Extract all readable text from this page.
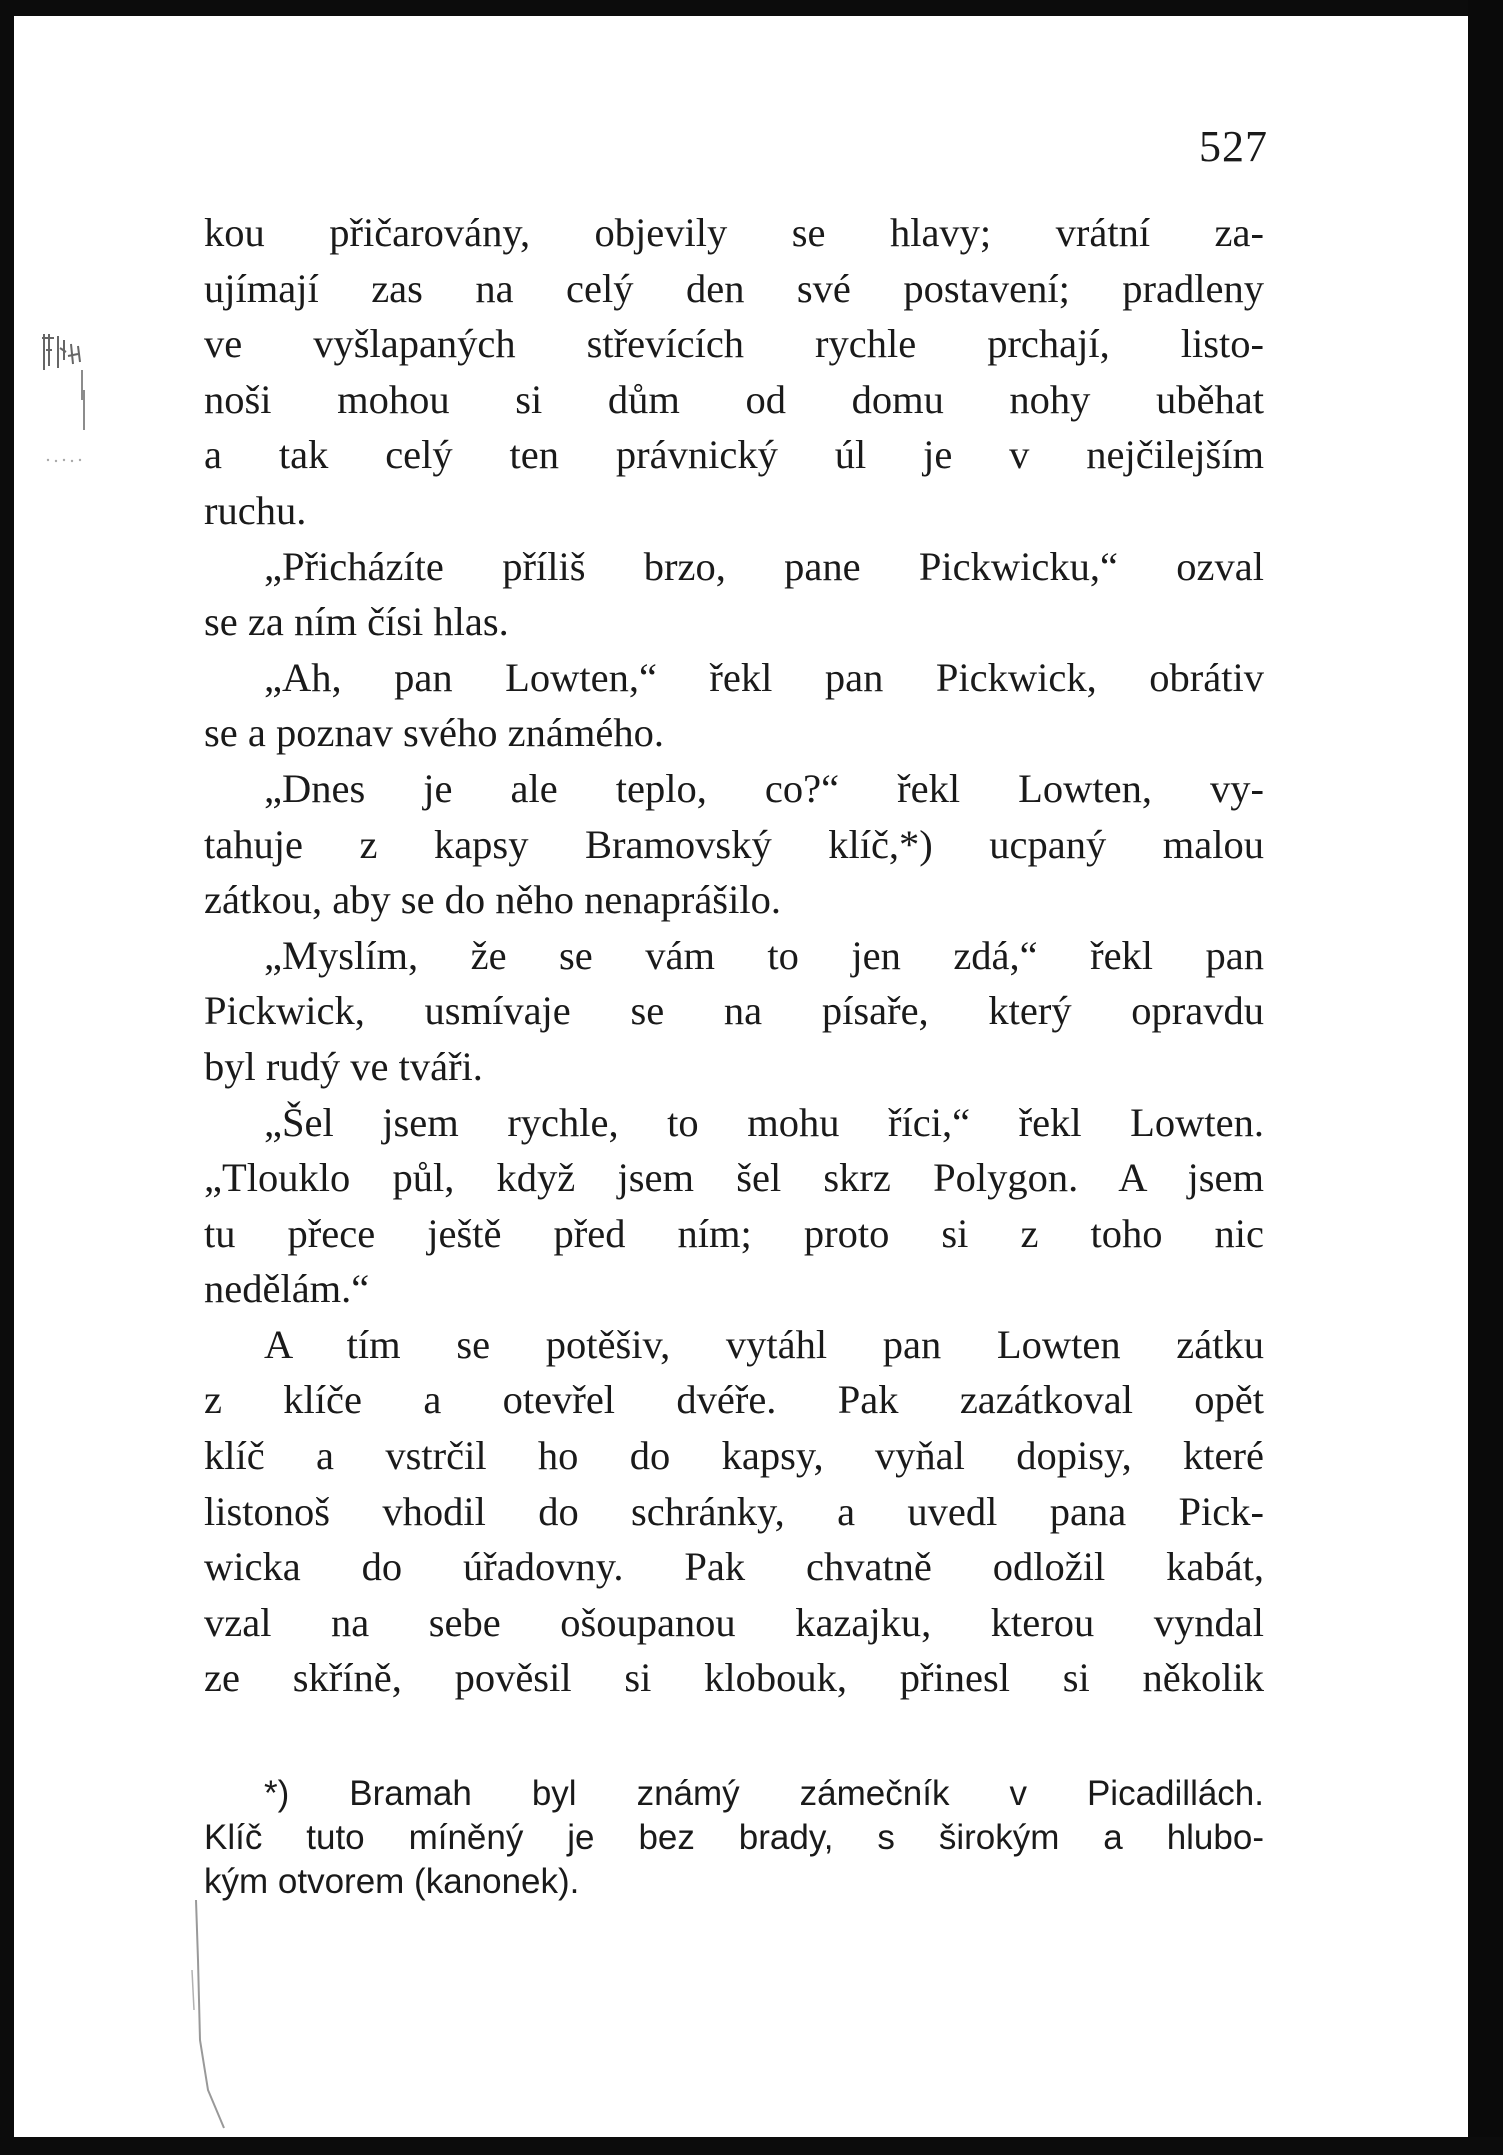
527
kou přičarovány, objevily se hlavy; vrátní za-
ujímají zas na celý den své postavení; pradleny
ve vyšlapaných střevících rychle prchají, listo-
noši mohou si dům od domu nohy uběhat
a tak celý ten právnický úl je v nejčilejším
ruchu.
„Přicházíte příliš brzo, pane Pickwicku,“ ozval
se za ním čísi hlas.
„Ah, pan Lowten,“ řekl pan Pickwick, obrátiv
se a poznav svého známého.
„Dnes je ale teplo, co?“ řekl Lowten, vy-
tahuje z kapsy Bramovský klíč,*) ucpaný malou
zátkou, aby se do něho nenaprášilo.
„Myslím, že se vám to jen zdá,“ řekl pan
Pickwick, usmívaje se na písaře, který opravdu
byl rudý ve tváři.
„Šel jsem rychle, to mohu říci,“ řekl Lowten.
„Tlouklo půl, když jsem šel skrz Polygon. A jsem
tu přece ještě před ním; proto si z toho nic
nedělám.“
A tím se potěšiv, vytáhl pan Lowten zátku
z klíče a otevřel dvéře. Pak zazátkoval opět
klíč a vstrčil ho do kapsy, vyňal dopisy, které
listonoš vhodil do schránky, a uvedl pana Pick-
wicka do úřadovny. Pak chvatně odložil kabát,
vzal na sebe ošoupanou kazajku, kterou vyndal
ze skříně, pověsil si klobouk, přinesl si několik
*) Bramah byl známý zámečník v Picadillách.
Klíč tuto míněný je bez brady, s širokým a hlubo-
kým otvorem (kanonek).
